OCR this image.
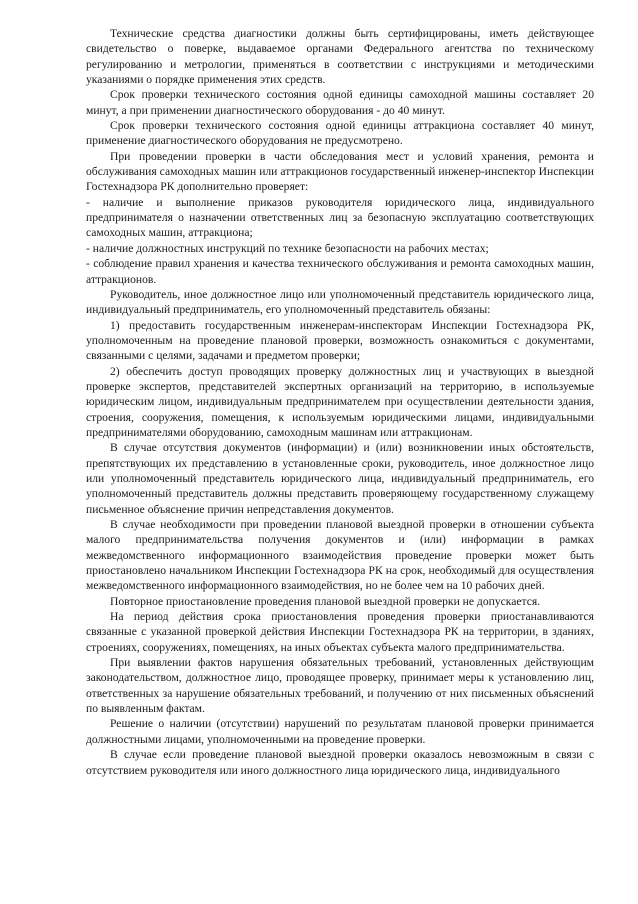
Технические средства диагностики должны быть сертифицированы, иметь действующее свидетельство о поверке, выдаваемое органами Федерального агентства по техническому регулированию и метрологии, применяться в соответствии с инструкциями и методическими указаниями о порядке применения этих средств.

Срок проверки технического состояния одной единицы самоходной машины составляет 20 минут, а при применении диагностического оборудования - до 40 минут.

Срок проверки технического состояния одной единицы аттракциона составляет 40 минут, применение диагностического оборудования не предусмотрено.

При проведении проверки в части обследования мест и условий хранения, ремонта и обслуживания самоходных машин или аттракционов государственный инженер-инспектор Инспекции Гостехнадзора РК дополнительно проверяет:

- наличие и выполнение приказов руководителя юридического лица, индивидуального предпринимателя о назначении ответственных лиц за безопасную эксплуатацию соответствующих самоходных машин, аттракциона;

- наличие должностных инструкций по технике безопасности на рабочих местах;

- соблюдение правил хранения и качества технического обслуживания и ремонта самоходных машин, аттракционов.

Руководитель, иное должностное лицо или уполномоченный представитель юридического лица, индивидуальный предприниматель, его уполномоченный представитель обязаны:

1) предоставить государственным инженерам-инспекторам Инспекции Гостехнадзора РК, уполномоченным на проведение плановой проверки, возможность ознакомиться с документами, связанными с целями, задачами и предметом проверки;

2) обеспечить доступ проводящих проверку должностных лиц и участвующих в выездной проверке экспертов, представителей экспертных организаций на территорию, в используемые юридическим лицом, индивидуальным предпринимателем при осуществлении деятельности здания, строения, сооружения, помещения, к используемым юридическими лицами, индивидуальными предпринимателями оборудованию, самоходным машинам или аттракционам.

В случае отсутствия документов (информации) и (или) возникновении иных обстоятельств, препятствующих их представлению в установленные сроки, руководитель, иное должностное лицо или уполномоченный представитель юридического лица, индивидуальный предприниматель, его уполномоченный представитель должны представить проверяющему государственному служащему письменное объяснение причин непредставления документов.

В случае необходимости при проведении плановой выездной проверки в отношении субъекта малого предпринимательства получения документов и (или) информации в рамках межведомственного информационного взаимодействия проведение проверки может быть приостановлено начальником Инспекции Гостехнадзора РК на срок, необходимый для осуществления межведомственного информационного взаимодействия, но не более чем на 10 рабочих дней.

Повторное приостановление проведения плановой выездной проверки не допускается.

На период действия срока приостановления проведения проверки приостанавливаются связанные с указанной проверкой действия Инспекции Гостехнадзора РК на территории, в зданиях, строениях, сооружениях, помещениях, на иных объектах субъекта малого предпринимательства.

При выявлении фактов нарушения обязательных требований, установленных действующим законодательством, должностное лицо, проводящее проверку, принимает меры к установлению лиц, ответственных за нарушение обязательных требований, и получению от них письменных объяснений по выявленным фактам.

Решение о наличии (отсутствии) нарушений по результатам плановой проверки принимается должностными лицами, уполномоченными на проведение проверки.

В случае если проведение плановой выездной проверки оказалось невозможным в связи с отсутствием руководителя или иного должностного лица юридического лица, индивидуального
